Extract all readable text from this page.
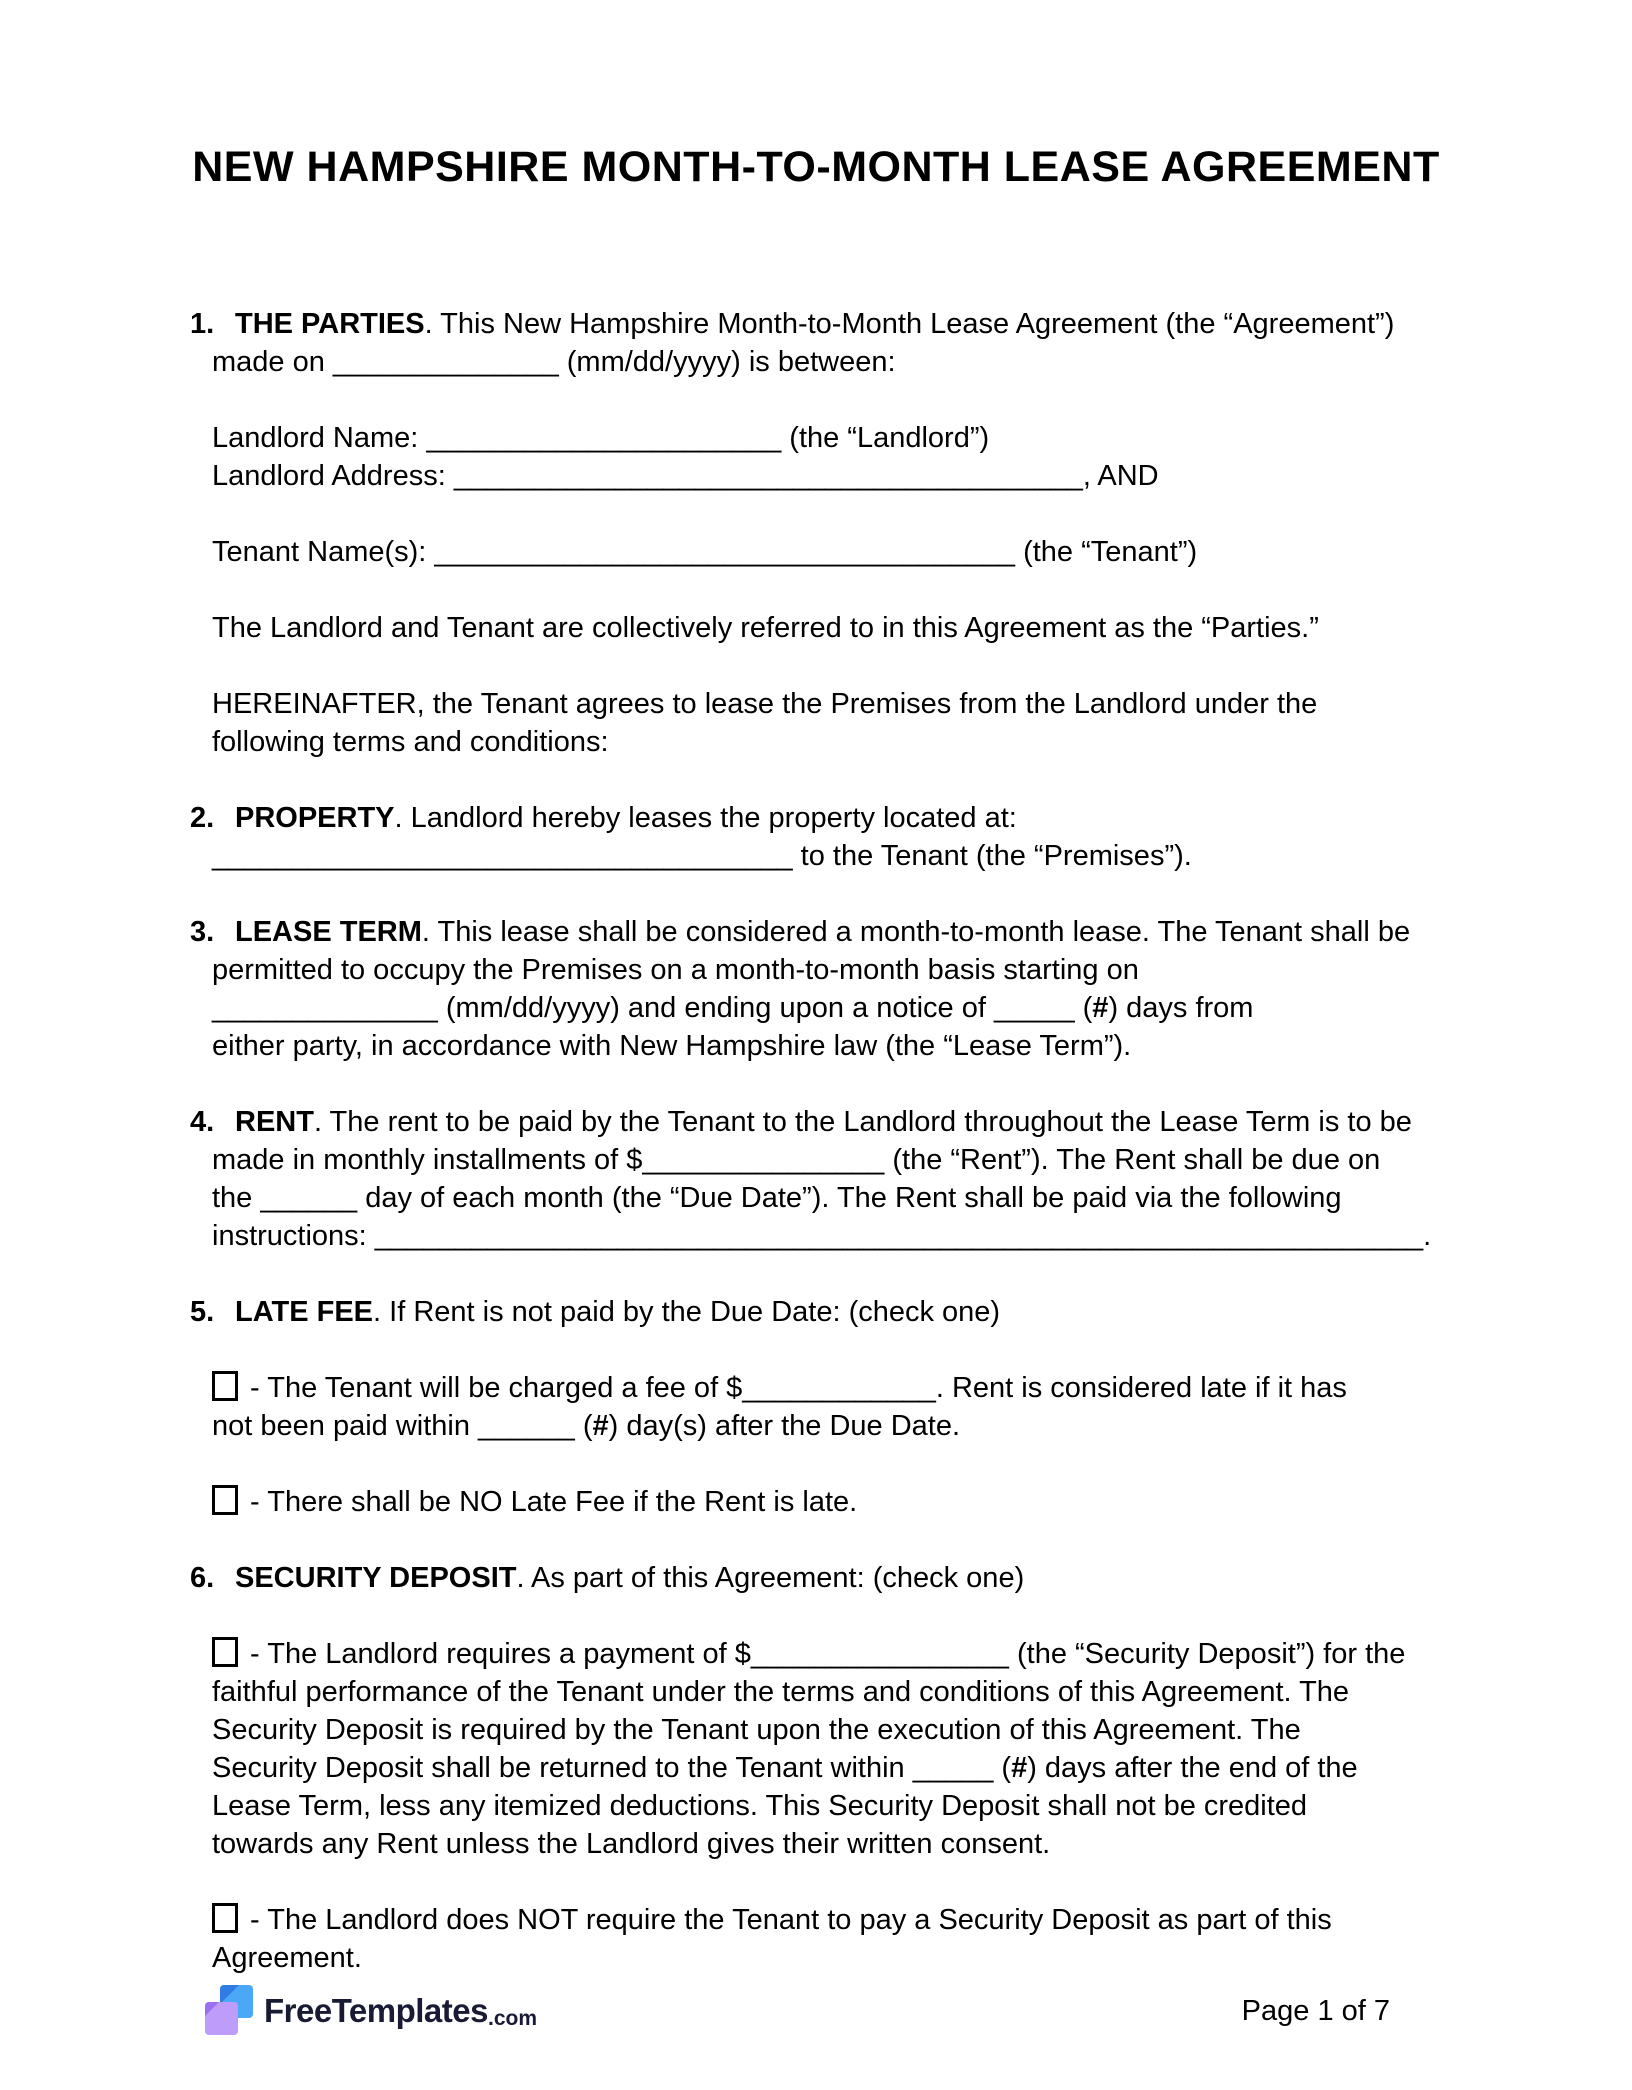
NEW HAMPSHIRE MONTH-TO-MONTH LEASE AGREEMENT
1. THE PARTIES. This New Hampshire Month-to-Month Lease Agreement (the “Agreement”)
made on ______________ (mm/dd/yyyy) is between:
Landlord Name: ______________________ (the “Landlord”)
Landlord Address: _______________________________________, AND
Tenant Name(s): ____________________________________ (the “Tenant”)
The Landlord and Tenant are collectively referred to in this Agreement as the “Parties.”
HEREINAFTER, the Tenant agrees to lease the Premises from the Landlord under the
following terms and conditions:
2. PROPERTY. Landlord hereby leases the property located at:
____________________________________ to the Tenant (the “Premises”).
3. LEASE TERM. This lease shall be considered a month-to-month lease. The Tenant shall be
permitted to occupy the Premises on a month-to-month basis starting on
______________ (mm/dd/yyyy) and ending upon a notice of _____ (#) days from
either party, in accordance with New Hampshire law (the “Lease Term”).
4. RENT. The rent to be paid by the Tenant to the Landlord throughout the Lease Term is to be
made in monthly installments of $_______________ (the “Rent”). The Rent shall be due on
the ______ day of each month (the “Due Date”). The Rent shall be paid via the following
instructions: _________________________________________________________________.
5. LATE FEE. If Rent is not paid by the Due Date: (check one)
- The Tenant will be charged a fee of $____________. Rent is considered late if it has
not been paid within ______ (#) day(s) after the Due Date.
- There shall be NO Late Fee if the Rent is late.
6. SECURITY DEPOSIT. As part of this Agreement: (check one)
- The Landlord requires a payment of $________________ (the “Security Deposit”) for the
faithful performance of the Tenant under the terms and conditions of this Agreement. The
Security Deposit is required by the Tenant upon the execution of this Agreement. The
Security Deposit shall be returned to the Tenant within _____ (#) days after the end of the
Lease Term, less any itemized deductions. This Security Deposit shall not be credited
towards any Rent unless the Landlord gives their written consent.
- The Landlord does NOT require the Tenant to pay a Security Deposit as part of this
Agreement.
FreeTemplates .com	Page 1 of 7
